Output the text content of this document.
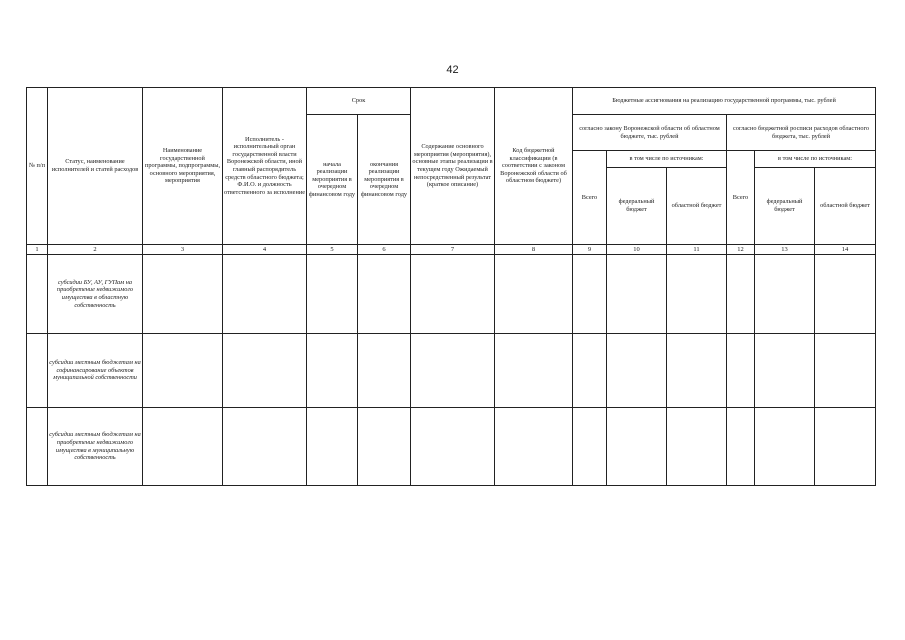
42
№ п/п	Статус, наименование исполнителей и статей расходов	Наименование государственной программы, подпрограммы, основного мероприятия, мероприятия	Исполнитель - исполнительный орган государственной власти Воронежской области, иной главный распорядитель средств областного бюджета; Ф.И.О. и должность ответственного за исполнение	Срок		Содержание основного мероприятия (мероприятия), основные этапы реализации в текущем году Ожидаемый непосредственный результат (краткое описание)	Код бюджетной классификации (в соответствии с законом Воронежской области об областном бюджете)	Бюджетные ассигнования на реализацию государственной программы, тыс. рублей					
				начала реализации мероприятия в очередном финансовом году	окончания реализации мероприятия в очередном финансовом году			согласно закону Воронежской области об областном бюджете, тыс. рублей			согласно бюджетной росписи расходов областного бюджета, тыс. рублей		
								Всего	в том числе по источникам:		Всего	в том числе по источникам:	
									федеральный бюджет	областной бюджет		федеральный бюджет	областной бюджет
1	2	3	4	5	6	7	8	9	10	11	12	13	14
	субсидии БУ, АУ, ГУПам на приобретение недвижимого имущества в областную собственность												
	субсидии местным бюджетам на софинансирование объектов муниципальной собственности												
	субсидии местным бюджетам на приобретение недвижимого имущества в муниципальную собственность												
